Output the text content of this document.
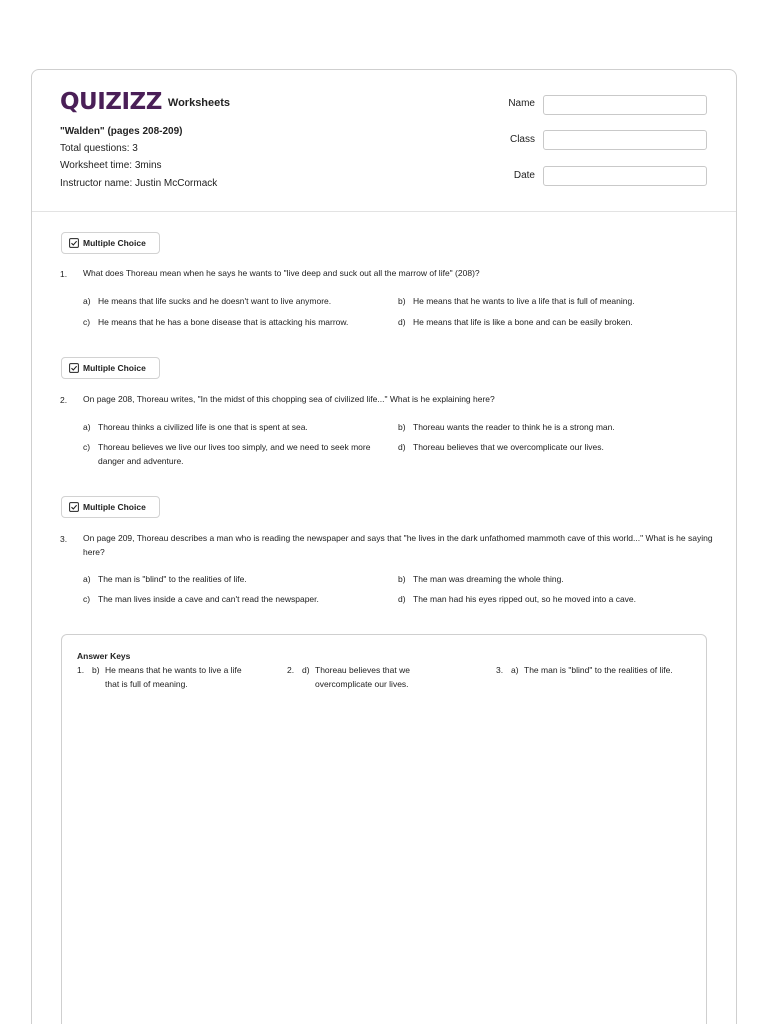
QUIZIZZ Worksheets
"Walden" (pages 208-209)
Total questions: 3
Worksheet time: 3mins
Instructor name: Justin McCormack
Name
Class
Date
Multiple Choice
1. What does Thoreau mean when he says he wants to "live deep and suck out all the marrow of life" (208)?
a) He means that life sucks and he doesn't want to live anymore.	b) He means that he wants to live a life that is full of meaning.
c) He means that he has a bone disease that is attacking his marrow.	d) He means that life is like a bone and can be easily broken.
Multiple Choice
2. On page 208, Thoreau writes, "In the midst of this chopping sea of civilized life..." What is he explaining here?
a) Thoreau thinks a civilized life is one that is spent at sea.	b) Thoreau wants the reader to think he is a strong man.
c) Thoreau believes we live our lives too simply, and we need to seek more danger and adventure.
d) Thoreau believes that we overcomplicate our lives.
Multiple Choice
3. On page 209, Thoreau describes a man who is reading the newspaper and says that "he lives in the dark unfathomed mammoth cave of this world..." What is he saying here?
a) The man is "blind" to the realities of life.	b) The man was dreaming the whole thing.
c) The man lives inside a cave and can't read the newspaper.	d) The man had his eyes ripped out, so he moved into a cave.
Answer Keys
1. b) He means that he wants to live a life that is full of meaning.
2. d) Thoreau believes that we overcomplicate our lives.
3. a) The man is "blind" to the realities of life.
